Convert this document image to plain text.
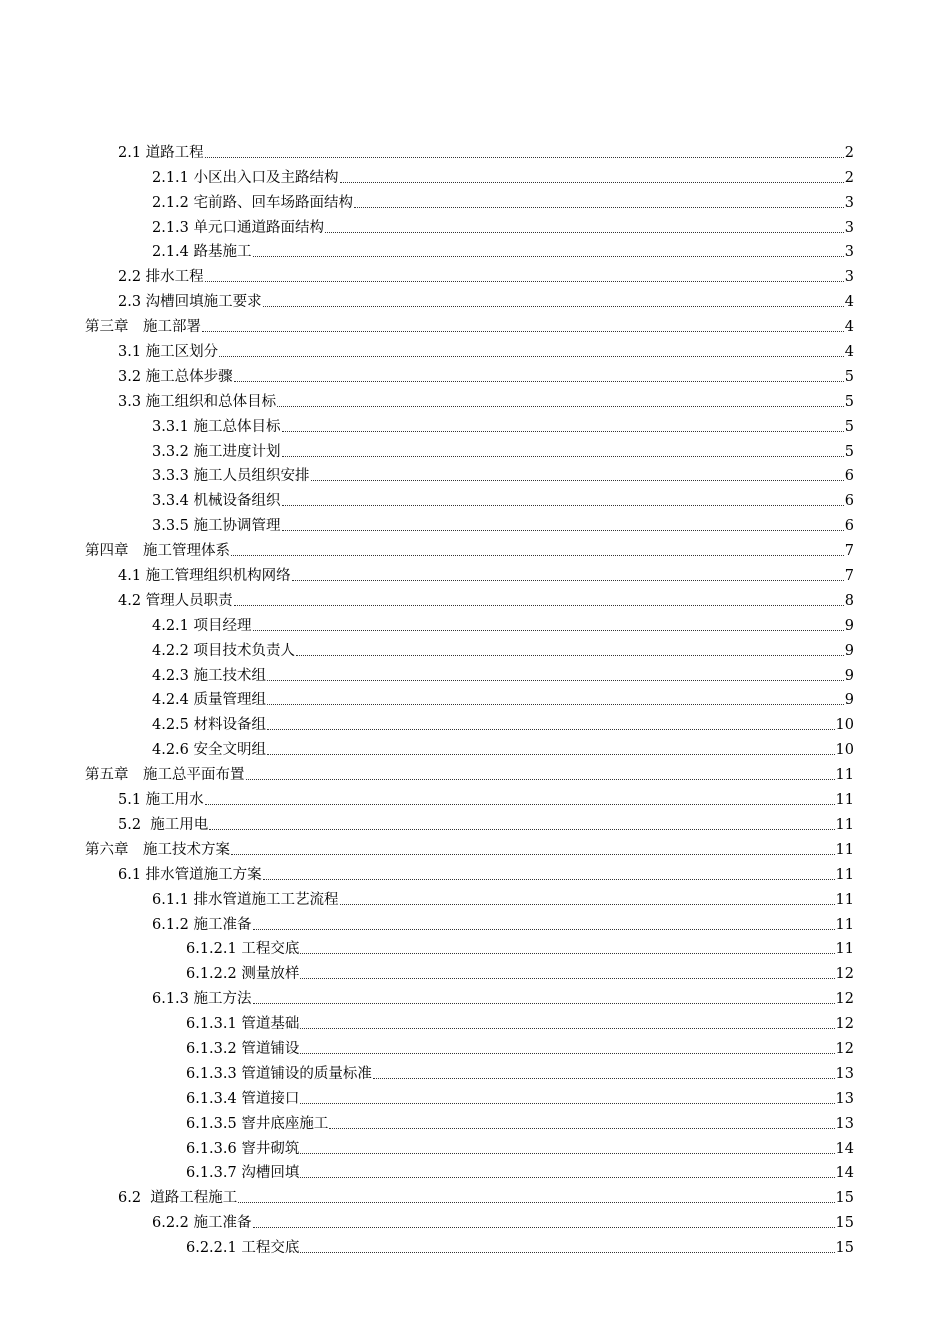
2.1 道路工程	2
2.1.1 小区出入口及主路结构	2
2.1.2 宅前路、回车场路面结构	3
2.1.3 单元口通道路面结构	3
2.1.4 路基施工	3
2.2 排水工程	3
2.3 沟槽回填施工要求	4
第三章　施工部署	4
3.1 施工区划分	4
3.2 施工总体步骤	5
3.3 施工组织和总体目标	5
3.3.1 施工总体目标	5
3.3.2 施工进度计划	5
3.3.3 施工人员组织安排	6
3.3.4 机械设备组织	6
3.3.5 施工协调管理	6
第四章　施工管理体系	7
4.1 施工管理组织机构网络	7
4.2 管理人员职责	8
4.2.1 项目经理	9
4.2.2 项目技术负责人	9
4.2.3 施工技术组	9
4.2.4 质量管理组	9
4.2.5 材料设备组	10
4.2.6 安全文明组	10
第五章　施工总平面布置	11
5.1 施工用水	11
5.2  施工用电	11
第六章　施工技术方案	11
6.1 排水管道施工方案	11
6.1.1 排水管道施工工艺流程	11
6.1.2 施工准备	11
6.1.2.1 工程交底	11
6.1.2.2 测量放样	12
6.1.3 施工方法	12
6.1.3.1 管道基础	12
6.1.3.2 管道铺设	12
6.1.3.3 管道铺设的质量标准	13
6.1.3.4 管道接口	13
6.1.3.5 窨井底座施工	13
6.1.3.6 窨井砌筑	14
6.1.3.7 沟槽回填	14
6.2  道路工程施工	15
6.2.2 施工准备	15
6.2.2.1 工程交底	15
